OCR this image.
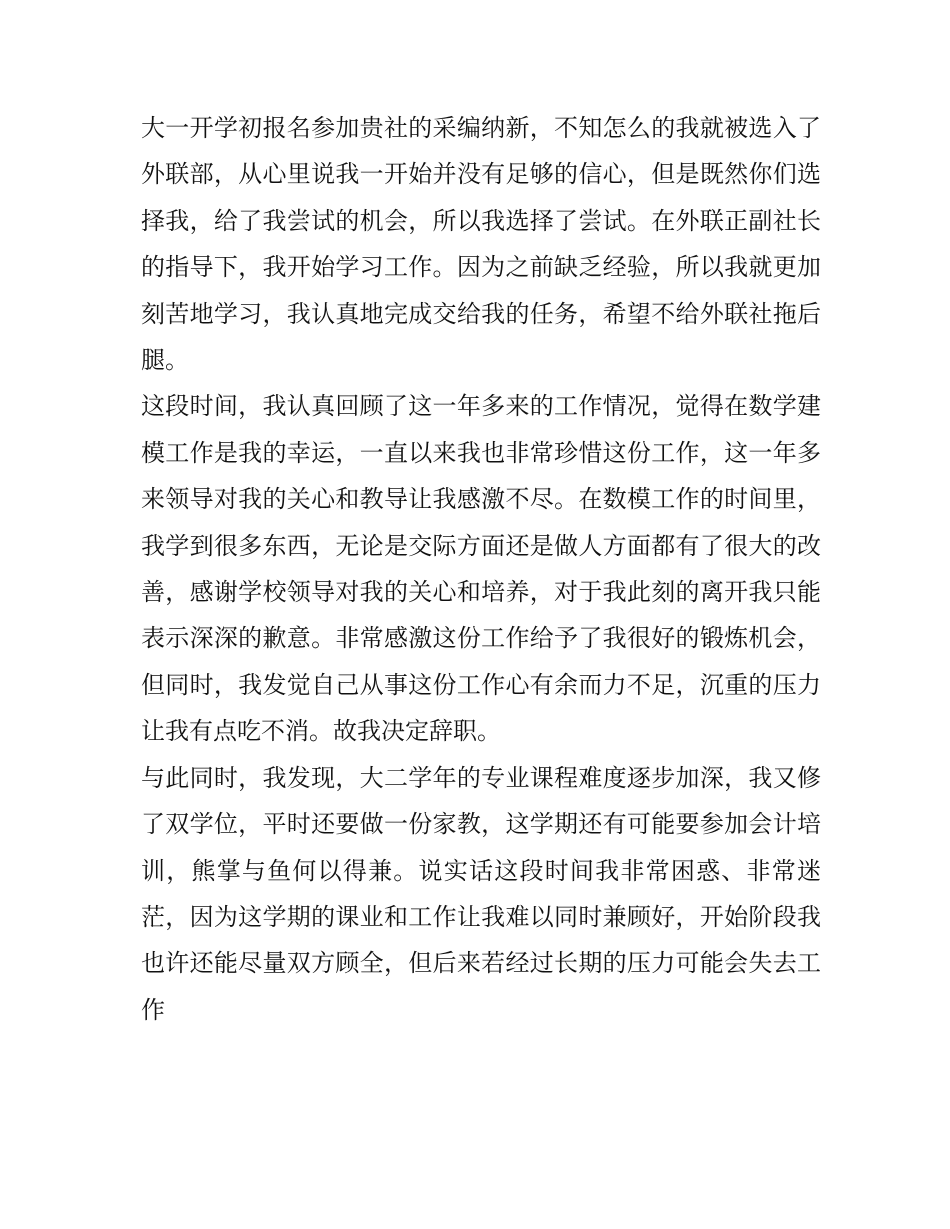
大一开学初报名参加贵社的采编纳新，不知怎么的我就被选入了外联部，从心里说我一开始并没有足够的信心，但是既然你们选择我，给了我尝试的机会，所以我选择了尝试。在外联正副社长的指导下，我开始学习工作。因为之前缺乏经验，所以我就更加刻苦地学习，我认真地完成交给我的任务，希望不给外联社拖后腿。

这段时间，我认真回顾了这一年多来的工作情况，觉得在数学建模工作是我的幸运，一直以来我也非常珍惜这份工作，这一年多来领导对我的关心和教导让我感激不尽。在数模工作的时间里，我学到很多东西，无论是交际方面还是做人方面都有了很大的改善，感谢学校领导对我的关心和培养，对于我此刻的离开我只能表示深深的歉意。非常感激这份工作给予了我很好的锻炼机会，但同时，我发觉自己从事这份工作心有余而力不足，沉重的压力让我有点吃不消。故我决定辞职。

与此同时，我发现，大二学年的专业课程难度逐步加深，我又修了双学位，平时还要做一份家教，这学期还有可能要参加会计培训，熊掌与鱼何以得兼。说实话这段时间我非常困惑、非常迷茫，因为这学期的课业和工作让我难以同时兼顾好，开始阶段我也许还能尽量双方顾全，但后来若经过长期的压力可能会失去工作
